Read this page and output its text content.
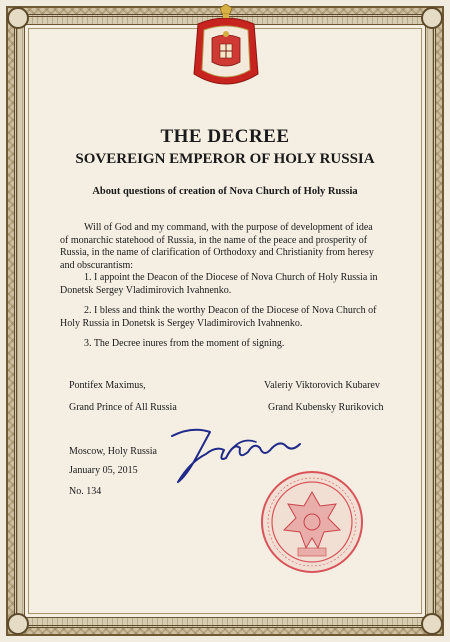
THE DECREE
SOVEREIGN EMPEROR OF HOLY RUSSIA
About questions of creation of Nova Church of Holy Russia
Will of God and my command, with the purpose of development of idea of monarchic statehood of Russia, in the name of the peace and prosperity of Russia, in the name of clarification of Orthodoxy and Christianity from heresy and obscurantism:
1. I appoint the Deacon of the Diocese of Nova Church of Holy Russia in Donetsk Sergey Vladimirovich Ivahnenko.
2. I bless and think the worthy Deacon of the Diocese of Nova Church of Holy Russia in Donetsk is Sergey Vladimirovich Ivahnenko.
3. The Decree inures from the moment of signing.
Pontifex Maximus,
Grand Prince of All Russia
Valeriy Viktorovich Kubarev
Grand Kubensky Rurikovich
Moscow, Holy Russia
January 05, 2015
No. 134
